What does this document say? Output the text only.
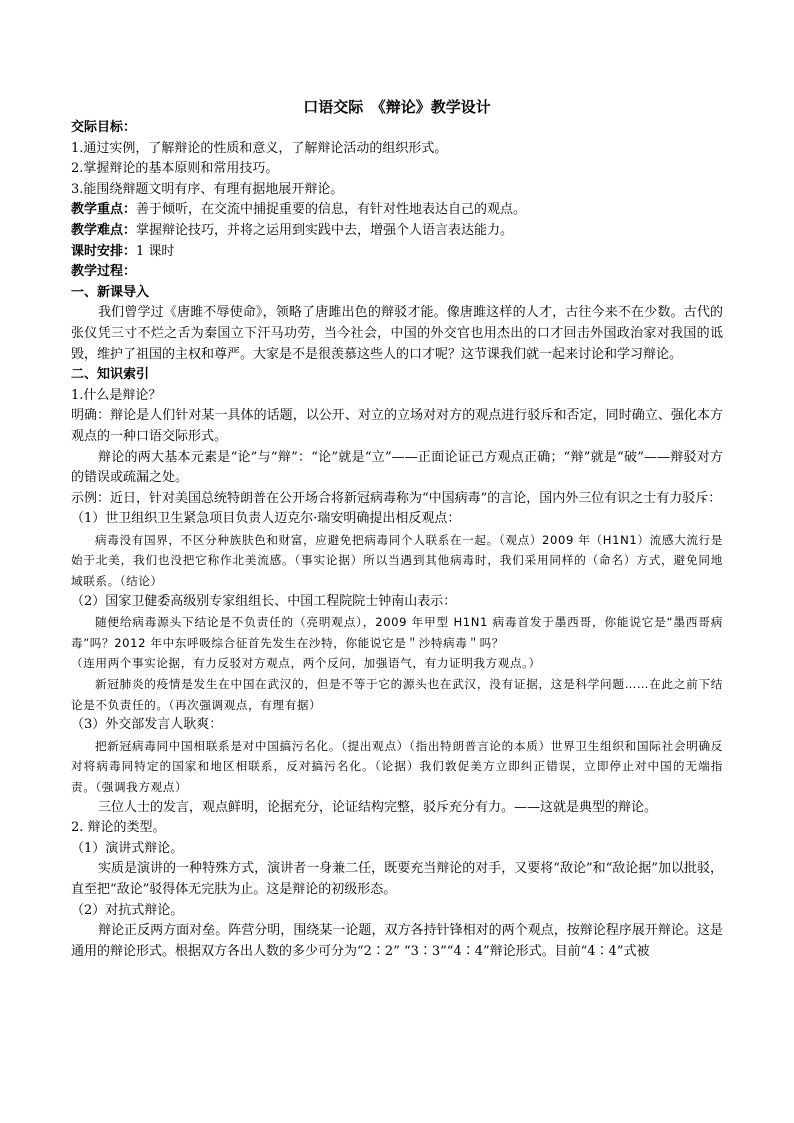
口语交际　《辩论》教学设计

交际目标：

1.通过实例，了解辩论的性质和意义，了解辩论活动的组织形式。

2.掌握辩论的基本原则和常用技巧。

3.能围绕辩题文明有序、有理有据地展开辩论。

教学重点：善于倾听，在交流中捕捉重要的信息，有针对性地表达自己的观点。

教学难点：掌握辩论技巧，并将之运用到实践中去，增强个人语言表达能力。

课时安排：1 课时

教学过程：

一、新课导入

我们曾学过《唐雎不辱使命》，领略了唐雎出色的辩驳才能。像唐雎这样的人才，古往今来不在少数。古代的张仪凭三寸不烂之舌为秦国立下汗马功劳，当今社会，中国的外交官也用杰出的口才回击外国政治家对我国的诋毁，维护了祖国的主权和尊严。大家是不是很羡慕这些人的口才呢？这节课我们就一起来讨论和学习辩论。

二、知识索引

1.什么是辩论？

明确：辩论是人们针对某一具体的话题，以公开、对立的立场对对方的观点进行驳斥和否定，同时确立、强化本方观点的一种口语交际形式。

辩论的两大基本元素是“论”与“辩”：“论”就是“立”——正面论证己方观点正确；“辩”就是“破”——辩驳对方的错误或疏漏之处。

示例：近日，针对美国总统特朗普在公开场合将新冠病毒称为“中国病毒”的言论，国内外三位有识之士有力驳斥：

（1）世卫组织卫生紧急项目负责人迈克尔·瑞安明确提出相反观点：

病毒没有国界，不区分种族肤色和财富，应避免把病毒同个人联系在一起。（观点）2009 年（H1N1）流感大流行是始于北美，我们也没把它称作北美流感。（事实论据）所以当遇到其他病毒时，我们采用同样的（命名）方式，避免同地域联系。（结论）

（2）国家卫健委高级别专家组组长、中国工程院院士钟南山表示：

随便给病毒源头下结论是不负责任的（亮明观点），2009 年甲型 H1N1 病毒首发于墨西哥，你能说它是“墨西哥病毒”吗？2012 年中东呼吸综合征首先发生在沙特，你能说它是＂沙特病毒＂吗？

（连用两个事实论据，有力反驳对方观点，两个反问，加强语气，有力证明我方观点。）

新冠肺炎的疫情是发生在中国在武汉的，但是不等于它的源头也在武汉，没有证据，这是科学问题……在此之前下结论是不负责任的。（再次强调观点，有理有据）

（3）外交部发言人耿爽：

把新冠病毒同中国相联系是对中国搞污名化。（提出观点）（指出特朗普言论的本质）世界卫生组织和国际社会明确反对将病毒同特定的国家和地区相联系，反对搞污名化。（论据）我们敦促美方立即纠正错误，立即停止对中国的无端指责。（强调我方观点）

三位人士的发言，观点鲜明，论据充分，论证结构完整，驳斥充分有力。——这就是典型的辩论。

2. 辩论的类型。

（1）演讲式辩论。

实质是演讲的一种特殊方式，演讲者一身兼二任，既要充当辩论的对手，又要将“敌论”和“敌论据”加以批驳，直至把“敌论”驳得体无完肤为止。这是辩论的初级形态。

（2）对抗式辩论。

辩论正反两方面对垒。阵营分明，围绕某一论题，双方各持针锋相对的两个观点，按辩论程序展开辩论。这是通用的辩论形式。根据双方各出人数的多少可分为“2∶2” “3∶3”“4∶4”辩论形式。目前“4∶4”式被
